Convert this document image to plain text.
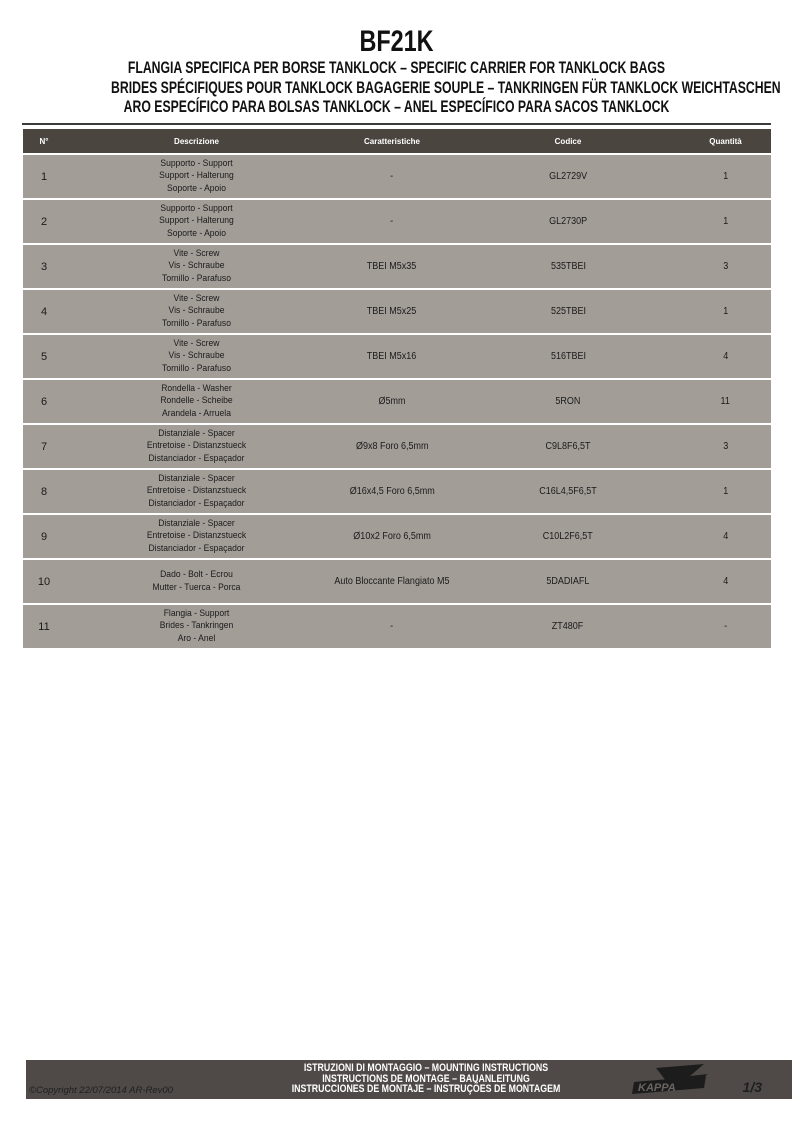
BF21K
FLANGIA SPECIFICA PER BORSE TANKLOCK – SPECIFIC CARRIER FOR TANKLOCK BAGS
BRIDES SPÉCIFIQUES POUR TANKLOCK BAGAGERIE SOUPLE – TANKRINGEN FÜR TANKLOCK WEICHTASCHEN
ARO ESPECÍFICO PARA BOLSAS TANKLOCK – ANEL ESPECÍFICO PARA SACOS TANKLOCK
N°	Descrizione	Caratteristiche	Codice	Quantità
1	Supporto - Support
Support - Halterung
Soporte - Apoio	-	GL2729V	1
2	Supporto - Support
Support - Halterung
Soporte - Apoio	-	GL2730P	1
3	Vite - Screw
Vis - Schraube
Tornillo - Parafuso	TBEI M5x35	535TBEI	3
4	Vite - Screw
Vis - Schraube
Tornillo - Parafuso	TBEI M5x25	525TBEI	1
5	Vite - Screw
Vis - Schraube
Tornillo - Parafuso	TBEI M5x16	516TBEI	4
6	Rondella - Washer
Rondelle - Scheibe
Arandela - Arruela	Ø5mm	5RON	11
7	Distanziale - Spacer
Entretoise - Distanzstueck
Distanciador - Espaçador	Ø9x8 Foro 6,5mm	C9L8F6,5T	3
8	Distanziale - Spacer
Entretoise - Distanzstueck
Distanciador - Espaçador	Ø16x4,5 Foro 6,5mm	C16L4,5F6,5T	1
9	Distanziale - Spacer
Entretoise - Distanzstueck
Distanciador - Espaçador	Ø10x2 Foro 6,5mm	C10L2F6,5T	4
10	Dado - Bolt - Ecrou
Mutter - Tuerca - Porca	Auto Bloccante Flangiato M5	5DADIAFL	4
11	Flangia - Support
Brides - Tankringen
Aro - Anel	-	ZT480F	-
©Copyright 22/07/2014 AR-Rev00
ISTRUZIONI DI MONTAGGIO – MOUNTING INSTRUCTIONS
INSTRUCTIONS DE MONTAGE – BAUANLEITUNG
INSTRUCCIONES DE MONTAJE – INSTRUÇÕES DE MONTAGEM	KAPPA	1/3
